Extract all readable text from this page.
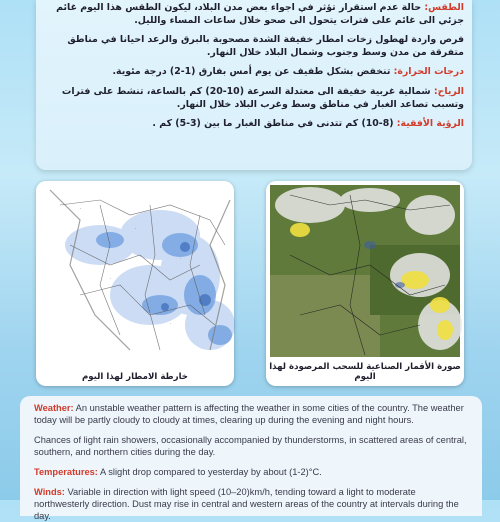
الطقس: حالة عدم استقرار تؤثر في اجواء بعض مدن البلاد، ليكون الطقس هذا اليوم غائم جزئي الى غائم على فترات يتحول الى صحو خلال ساعات المساء والليل.

فرص واردة لهطول زخات امطار خفيفة الشدة مصحوبة بالبرق والرعد احيانا في مناطق متفرقة من مدن وسط وجنوب وشمال البلاد خلال النهار.

درجات الحرارة: تنخفض بشكل طفيف عن يوم أمس بفارق (1-2) درجة مئوية.

الرياح: شمالية غربية خفيفة الى معتدلة السرعة (10-20) كم بالساعة، تنشط على فترات وتسبب تصاعد الغبار في مناطق وسط وغرب البلاد خلال النهار.

الرؤية الأفقية: (8-10) كم تتدنى في مناطق الغبار ما بين (3-5) كم .

·
·
·
·
·
خارطة الامطار لهذا اليوم
صورة الأقمار الصناعية للسحب المرصودة لهذا اليوم

Weather: An unstable weather pattern is affecting the weather in some cities of the country. The weather today will be partly cloudy to cloudy at times, clearing up during the evening and night hours.

Chances of light rain showers, occasionally accompanied by thunderstorms, in scattered areas of central, southern, and northern cities during the day.

Temperatures: A slight drop compared to yesterday by about (1-2)°C.

Winds: Variable in direction with light speed (10–20)km/h, tending toward a light to moderate northwesterly direction. Dust may rise in central and western areas of the country at intervals during the day.
